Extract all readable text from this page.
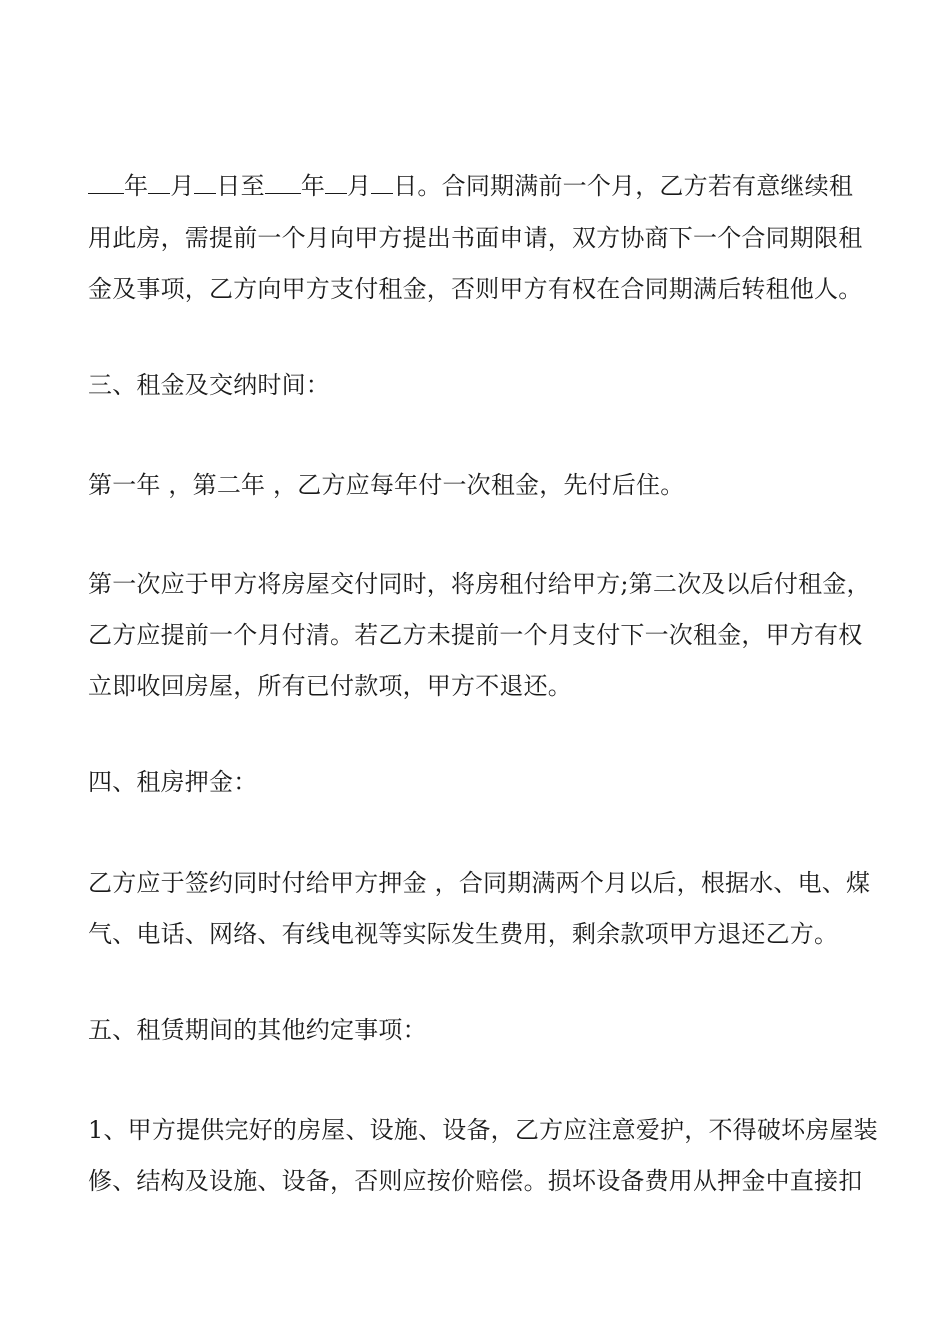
年 月 日至 年 月 日。合同期满前一个月，乙方若有意继续租
用此房，需提前一个月向甲方提出书面申请，双方协商下一个合同期限租
金及事项，乙方向甲方支付租金，否则甲方有权在合同期满后转租他人。
三、租金及交纳时间：
第一年 ，第二年 ，乙方应每年付一次租金，先付后住。
第一次应于甲方将房屋交付同时，将房租付给甲方;第二次及以后付租金，
乙方应提前一个月付清。若乙方未提前一个月支付下一次租金，甲方有权
立即收回房屋，所有已付款项，甲方不退还。
四、租房押金：
乙方应于签约同时付给甲方押金 ，合同期满两个月以后，根据水、电、煤
气、电话、网络、有线电视等实际发生费用，剩余款项甲方退还乙方。
五、租赁期间的其他约定事项：
1、甲方提供完好的房屋、设施、设备，乙方应注意爱护，不得破坏房屋装
修、结构及设施、设备，否则应按价赔偿。损坏设备费用从押金中直接扣
